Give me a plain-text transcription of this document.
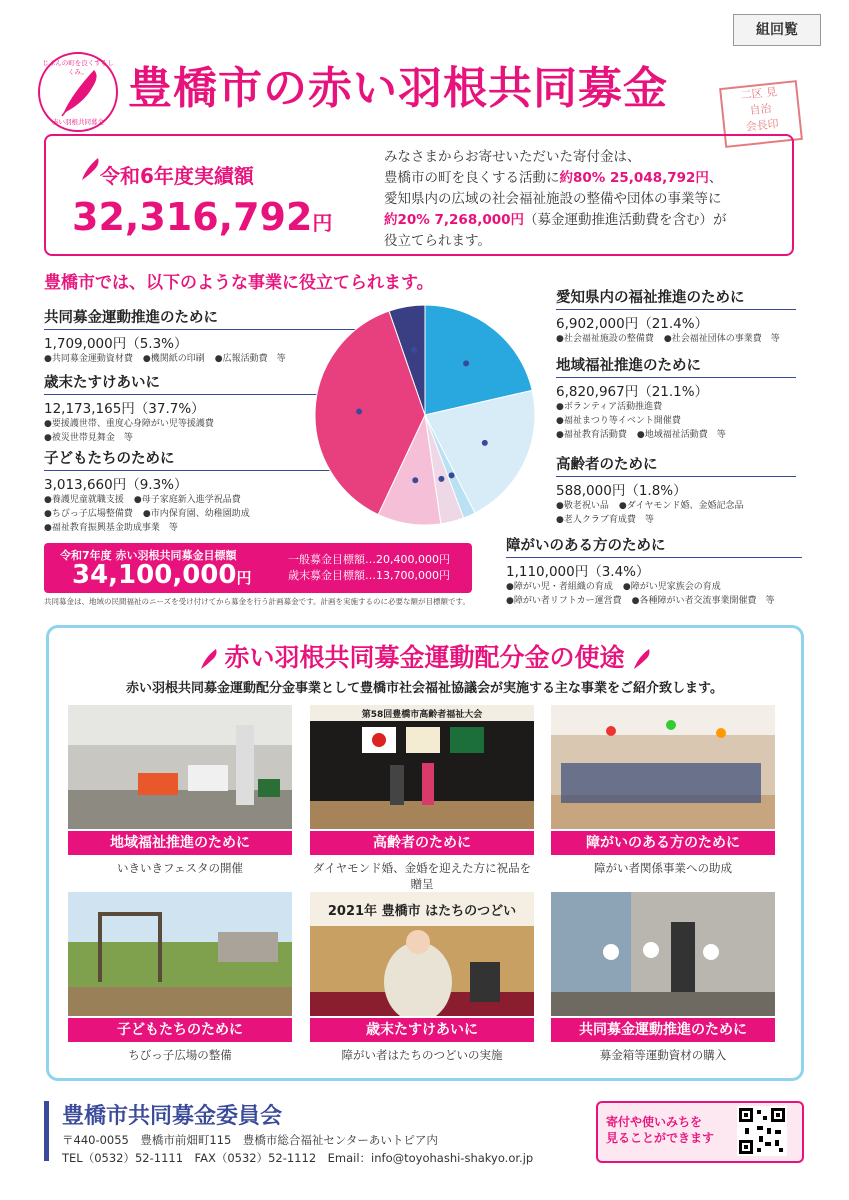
組回覧
じぶんの町を良くするしくみ。
赤い羽根共同募金
豊橋市の赤い羽根共同募金	二区 見
自治
会長印
令和6年度実績額
32,316,792円
みなさまからお寄せいただいた寄付金は、
豊橋市の町を良くする活動に約80% 25,048,792円、
愛知県内の広域の社会福祉施設の整備や団体の事業等に
約20% 7,268,000円（募金運動推進活動費を含む）が
役立てられます。
豊橋市では、以下のような事業に役立てられます。
共同募金運動推進のために
1,709,000円（5.3%）
●共同募金運動資材費 ●機関紙の印刷 ●広報活動費　等
歳末たすけあいに
12,173,165円（37.7%）
●要援護世帯、重度心身障がい児等援護費
●被災世帯見舞金　等
子どもたちのために
3,013,660円（9.3%）
●養護児童就職支援 ●母子家庭新入進学祝品費
●ちびっ子広場整備費 ●市内保育園、幼稚園助成
●福祉教育振興基金助成事業　等
愛知県内の福祉推進のために
6,902,000円（21.4%）
●社会福祉施設の整備費 ●社会福祉団体の事業費　等
地域福祉推進のために
6,820,967円（21.1%）
●ボランティア活動推進費
●福祉まつり等イベント開催費
●福祉教育活動費 ●地域福祉活動費　等
高齢者のために
588,000円（1.8%）
●敬老祝い品 ●ダイヤモンド婚、金婚記念品
●老人クラブ育成費　等
障がいのある方のために
1,110,000円（3.4%）
●障がい児・者組織の育成 ●障がい児家族会の育成
●障がい者リフトカー運営費 ●各種障がい者交流事業開催費　等
令和7年度 赤い羽根共同募金目標額
34,100,000円
一般募金目標額…20,400,000円
歳末募金目標額…13,700,000円
共同募金は、地域の民間福祉のニーズを受け付けてから募金を行う計画募金です。計画を実施するのに必要な額が目標額です。
赤い羽根共同募金運動配分金の使途
赤い羽根共同募金運動配分金事業として豊橋市社会福祉協議会が実施する主な事業をご紹介致します。
地域福祉推進のために
いきいきフェスタの開催
第58回豊橋市高齢者福祉大会
高齢者のために
ダイヤモンド婚、金婚を迎えた方に祝品を贈呈
障がいのある方のために
障がい者関係事業への助成
子どもたちのために
ちびっ子広場の整備
2021年 豊橋市 はたちのつどい
歳末たすけあいに
障がい者はたちのつどいの実施
共同募金運動推進のために
募金箱等運動資材の購入
豊橋市共同募金委員会
〒440-0055　豊橋市前畑町115　豊橋市総合福祉センターあいトピア内
TEL（0532）52-1111　FAX（0532）52-1112　Email：info@toyohashi-shakyo.or.jp
寄付や使いみちを
見ることができます
